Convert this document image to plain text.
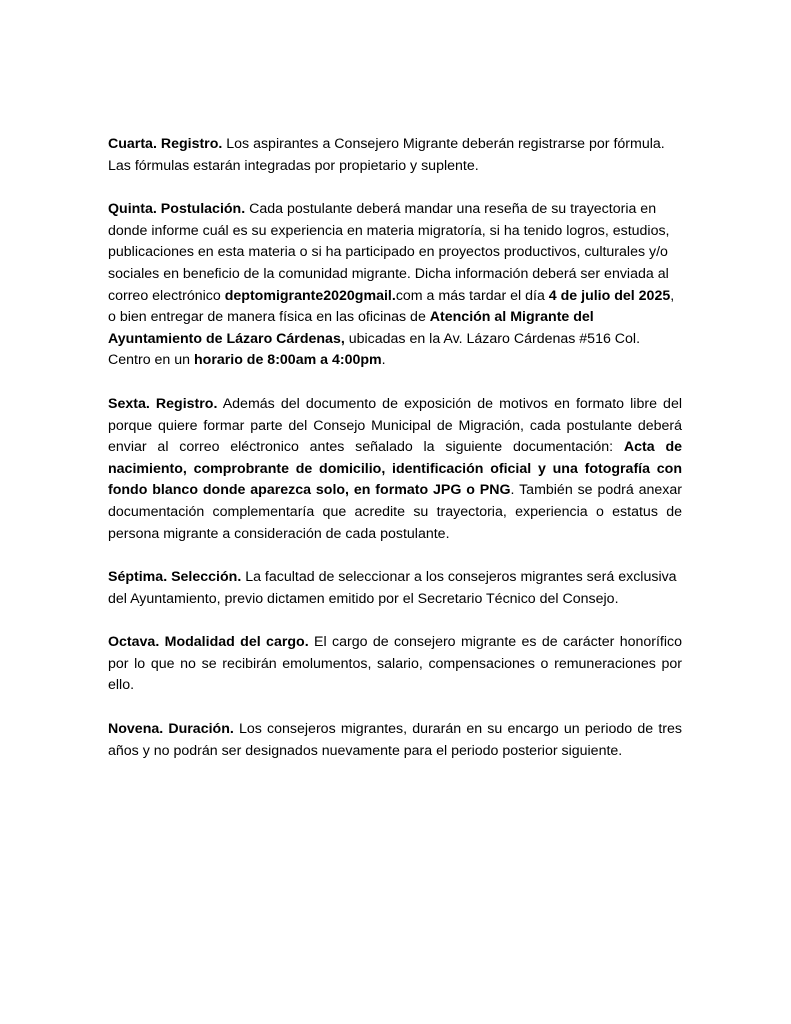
Cuarta. Registro. Los aspirantes a Consejero Migrante deberán registrarse por fórmula. Las fórmulas estarán integradas por propietario y suplente.

Quinta. Postulación. Cada postulante deberá mandar una reseña de su trayectoria en donde informe cuál es su experiencia en materia migratoría, si ha tenido logros, estudios, publicaciones en esta materia o si ha participado en proyectos productivos, culturales y/o sociales en beneficio de la comunidad migrante. Dicha información deberá ser enviada al correo electrónico deptomigrante2020gmail.com a más tardar el día 4 de julio del 2025, o bien entregar de manera física en las oficinas de Atención al Migrante del Ayuntamiento de Lázaro Cárdenas, ubicadas en la Av. Lázaro Cárdenas #516 Col. Centro en un horario de 8:00am a 4:00pm.

Sexta. Registro. Además del documento de exposición de motivos en formato libre del porque quiere formar parte del Consejo Municipal de Migración, cada postulante deberá enviar al correo eléctronico antes señalado la siguiente documentación: Acta de nacimiento, comprobrante de domicilio, identificación oficial y una fotografía con fondo blanco donde aparezca solo, en formato JPG o PNG. También se podrá anexar documentación complementaría que acredite su trayectoria, experiencia o estatus de persona migrante a consideración de cada postulante.

Séptima. Selección. La facultad de seleccionar a los consejeros migrantes será exclusiva del Ayuntamiento, previo dictamen emitido por el Secretario Técnico del Consejo.

Octava. Modalidad del cargo. El cargo de consejero migrante es de carácter honorífico por lo que no se recibirán emolumentos, salario, compensaciones o remuneraciones por ello.

Novena. Duración. Los consejeros migrantes, durarán en su encargo un periodo de tres años y no podrán ser designados nuevamente para el periodo posterior siguiente.
